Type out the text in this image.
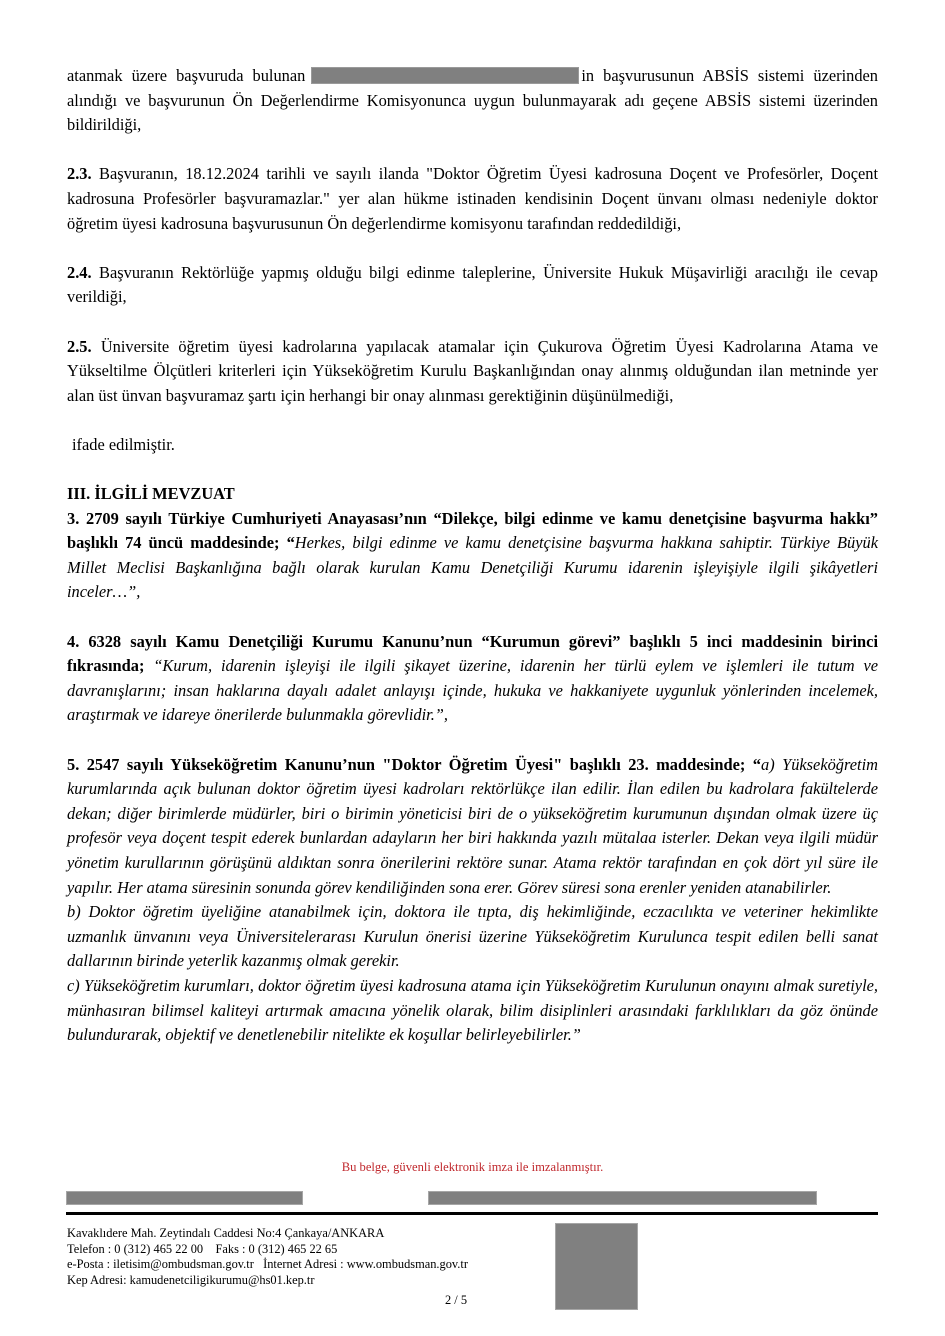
atanmak üzere başvuruda bulunan	in başvurusunun ABSİS sistemi üzerinden alındığı ve başvurunun Ön Değerlendirme Komisyonunca uygun bulunmayarak adı geçene ABSİS sistemi üzerinden bildirildiği,

2.3. Başvuranın, 18.12.2024 tarihli ve sayılı ilanda "Doktor Öğretim Üyesi kadrosuna Doçent ve Profesörler, Doçent kadrosuna Profesörler başvuramazlar." yer alan hükme istinaden kendisinin Doçent ünvanı olması nedeniyle doktor öğretim üyesi kadrosuna başvurusunun Ön değerlendirme komisyonu tarafından reddedildiği,

2.4. Başvuranın Rektörlüğe yapmış olduğu bilgi edinme taleplerine, Üniversite Hukuk Müşavirliği aracılığı ile cevap verildiği,

2.5. Üniversite öğretim üyesi kadrolarına yapılacak atamalar için Çukurova Öğretim Üyesi Kadrolarına Atama ve Yükseltilme Ölçütleri kriterleri için Yükseköğretim Kurulu Başkanlığından onay alınmış olduğundan ilan metninde yer alan üst ünvan başvuramaz şartı için herhangi bir onay alınması gerektiğinin düşünülmediği,

ifade edilmiştir.

III. İLGİLİ MEVZUAT

3. 2709 sayılı Türkiye Cumhuriyeti Anayasası’nın “Dilekçe, bilgi edinme ve kamu denetçisine başvurma hakkı” başlıklı 74 üncü maddesinde; “Herkes, bilgi edinme ve kamu denetçisine başvurma hakkına sahiptir. Türkiye Büyük Millet Meclisi Başkanlığına bağlı olarak kurulan Kamu Denetçiliği Kurumu idarenin işleyişiyle ilgili şikâyetleri inceler…”,

4. 6328 sayılı Kamu Denetçiliği Kurumu Kanunu’nun “Kurumun görevi” başlıklı 5 inci maddesinin birinci fıkrasında; “Kurum, idarenin işleyişi ile ilgili şikayet üzerine, idarenin her türlü eylem ve işlemleri ile tutum ve davranışlarını; insan haklarına dayalı adalet anlayışı içinde, hukuka ve hakkaniyete uygunluk yönlerinden incelemek, araştırmak ve idareye önerilerde bulunmakla görevlidir.”,

5. 2547 sayılı Yükseköğretim Kanunu’nun "Doktor Öğretim Üyesi" başlıklı 23. maddesinde; “a) Yükseköğretim kurumlarında açık bulunan doktor öğretim üyesi kadroları rektörlükçe ilan edilir. İlan edilen bu kadrolara fakültelerde dekan; diğer birimlerde müdürler, biri o birimin yöneticisi biri de o yükseköğretim kurumunun dışından olmak üzere üç profesör veya doçent tespit ederek bunlardan adayların her biri hakkında yazılı mütalaa isterler. Dekan veya ilgili müdür yönetim kurullarının görüşünü aldıktan sonra önerilerini rektöre sunar. Atama rektör tarafından en çok dört yıl süre ile yapılır. Her atama süresinin sonunda görev kendiliğinden sona erer. Görev süresi sona erenler yeniden atanabilirler.

b) Doktor öğretim üyeliğine atanabilmek için, doktora ile tıpta, diş hekimliğinde, eczacılıkta ve veteriner hekimlikte uzmanlık ünvanını veya Üniversitelerarası Kurulun önerisi üzerine Yükseköğretim Kurulunca tespit edilen belli sanat dallarının birinde yeterlik kazanmış olmak gerekir.

c) Yükseköğretim kurumları, doktor öğretim üyesi kadrosuna atama için Yükseköğretim Kurulunun onayını almak suretiyle, münhasıran bilimsel kaliteyi artırmak amacına yönelik olarak, bilim disiplinleri arasındaki farklılıkları da göz önünde bulundurarak, objektif ve denetlenebilir nitelikte ek koşullar belirleyebilirler.”

Bu belge, güvenli elektronik imza ile imzalanmıştır.
Kavaklıdere Mah. Zeytindalı Caddesi No:4 Çankaya/ANKARA
Telefon : 0 (312) 465 22 00    Faks : 0 (312) 465 22 65
e-Posta : iletisim@ombudsman.gov.tr   İnternet Adresi : www.ombudsman.gov.tr
Kep Adresi: kamudenetciligikurumu@hs01.kep.tr
2 / 5
